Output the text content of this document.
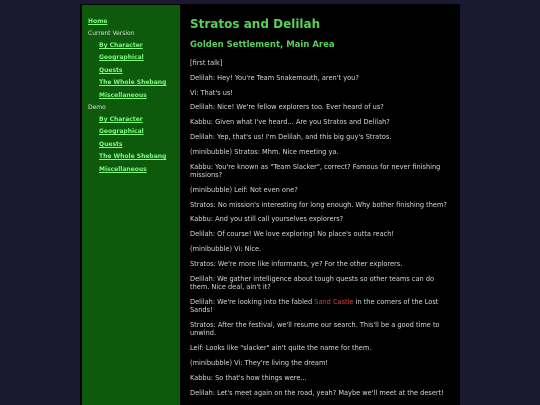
Home
Current Version
By Character
Geographical
Quests
The Whole Shebang
Miscellaneous
Demo
By Character
Geographical
Quests
The Whole Shebang
Miscellaneous
Stratos and Delilah
Golden Settlement, Main Area
[first talk]
Delilah: Hey! You're Team Snakemouth, aren't you?
Vi: That's us!
Delilah: Nice! We're fellow explorers too. Ever heard of us?
Kabbu: Given what I've heard... Are you Stratos and Delilah?
Delilah: Yep, that's us! I'm Delilah, and this big guy's Stratos.
(minibubble) Stratos: Mhm. Nice meeting ya.
Kabbu: You're known as "Team Slacker", correct? Famous for never finishing missions?
(minibubble) Leif: Not even one?
Stratos: No mission's interesting for long enough. Why bother finishing them?
Kabbu: And you still call yourselves explorers?
Delilah: Of course! We love exploring! No place's outta reach!
(minibubble) Vi: Nice.
Stratos: We're more like informants, ye? For the other explorers.
Delilah: We gather intelligence about tough quests so other teams can do them. Nice deal, ain't it?
Delilah: We're looking into the fabled Sand Castle in the corners of the Lost Sands!
Stratos: After the festival, we'll resume our search. This'll be a good time to unwind.
Leif: Looks like "slacker" ain't quite the name for them.
(minibubble) Vi: They're living the dream!
Kabbu: So that's how things were...
Delilah: Let's meet again on the road, yeah? Maybe we'll meet at the desert!
